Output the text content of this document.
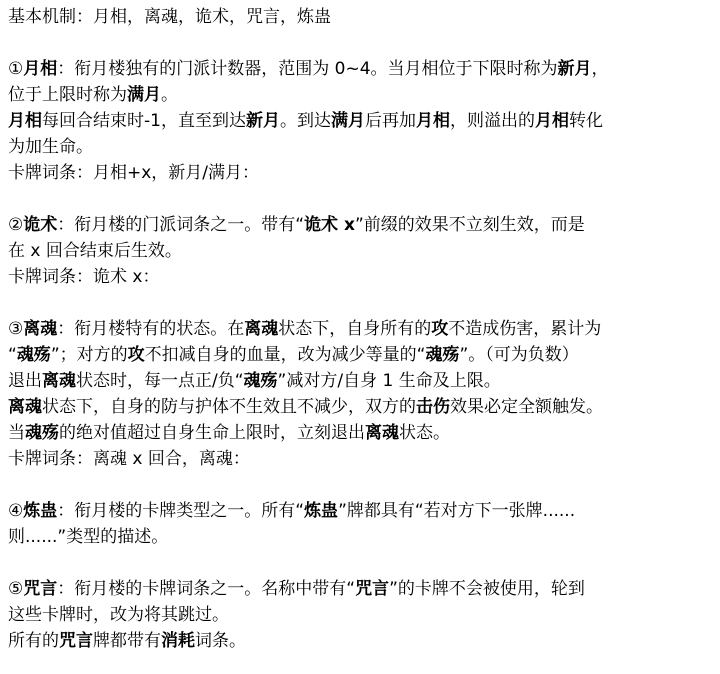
基本机制：月相，离魂，诡术，咒言，炼蛊
①月相：衔月楼独有的门派计数器，范围为 0~4。当月相位于下限时称为新月，
位于上限时称为满月。
月相每回合结束时-1，直至到达新月。到达满月后再加月相，则溢出的月相转化
为加生命。
卡牌词条：月相+x，新月/满月：
②诡术：衔月楼的门派词条之一。带有“诡术 x”前缀的效果不立刻生效，而是
在 x 回合结束后生效。
卡牌词条：诡术 x：
③离魂：衔月楼特有的状态。在离魂状态下，自身所有的攻不造成伤害，累计为
“魂殇”；对方的攻不扣减自身的血量，改为减少等量的“魂殇”。（可为负数）
退出离魂状态时，每一点正/负“魂殇”减对方/自身 1 生命及上限。
离魂状态下，自身的防与护体不生效且不减少，双方的击伤效果必定全额触发。
当魂殇的绝对值超过自身生命上限时，立刻退出离魂状态。
卡牌词条：离魂 x 回合，离魂：
④炼蛊：衔月楼的卡牌类型之一。所有“炼蛊”牌都具有“若对方下一张牌......
则......”类型的描述。
⑤咒言：衔月楼的卡牌词条之一。名称中带有“咒言”的卡牌不会被使用，轮到
这些卡牌时，改为将其跳过。
所有的咒言牌都带有消耗词条。
